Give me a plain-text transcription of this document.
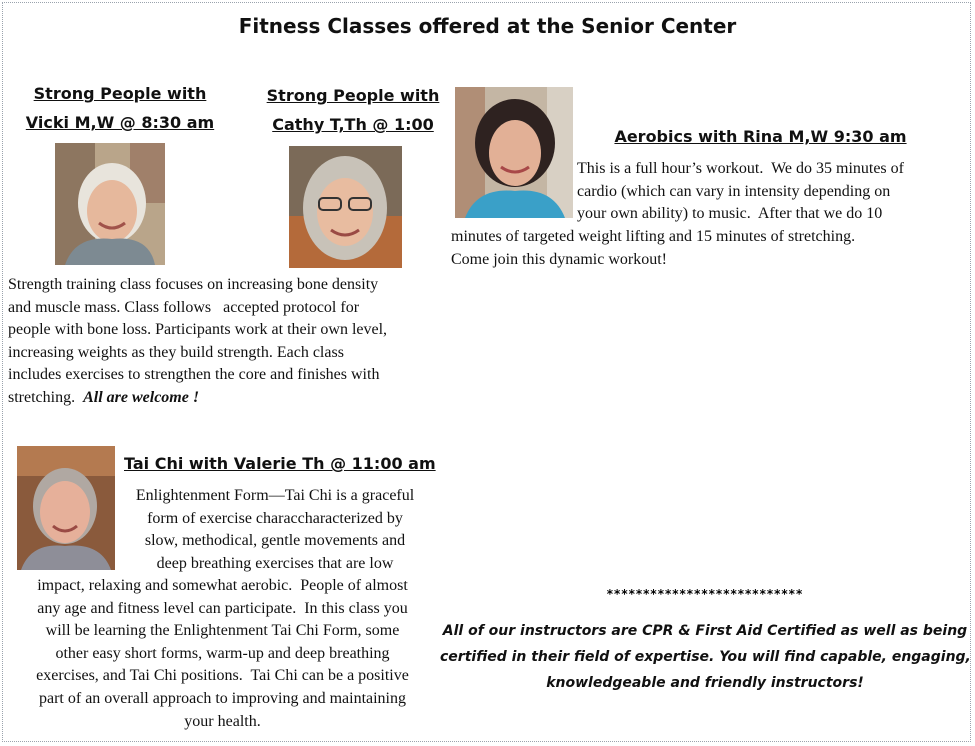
Fitness Classes offered at the Senior Center
Strong People with
Vicki M,W @ 8:30 am
Strong People with
Cathy T,Th @ 1:00

Strength training class focuses on increasing bone density

and muscle mass. Class follows   accepted protocol for

people with bone loss. Participants work at their own level,

increasing weights as they build strength. Each class

includes exercises to strengthen the core and finishes with

stretching.  All are welcome !

Aerobics with Rina M,W 9:30 am

This is a full hour’s workout.  We do 35 minutes of

cardio (which can vary in intensity depending on

your own ability) to music.  After that we do 10

minutes of targeted weight lifting and 15 minutes of stretching.

Come join this dynamic workout!

Tai Chi with Valerie Th @ 11:00 am

Enlightenment Form—Tai Chi is a graceful

form of exercise characcharacterized by

slow, methodical, gentle movements and

deep breathing exercises that are low

impact, relaxing and somewhat aerobic.  People of almost

any age and fitness level can participate.  In this class you

will be learning the Enlightenment Tai Chi Form, some

other easy short forms, warm-up and deep breathing

exercises, and Tai Chi positions.  Tai Chi can be a positive

part of an overall approach to improving and maintaining

your health.

***************************

All of our instructors are CPR & First Aid Certified as well as being

certified in their field of expertise. You will find capable, engaging,

knowledgeable and friendly instructors!
